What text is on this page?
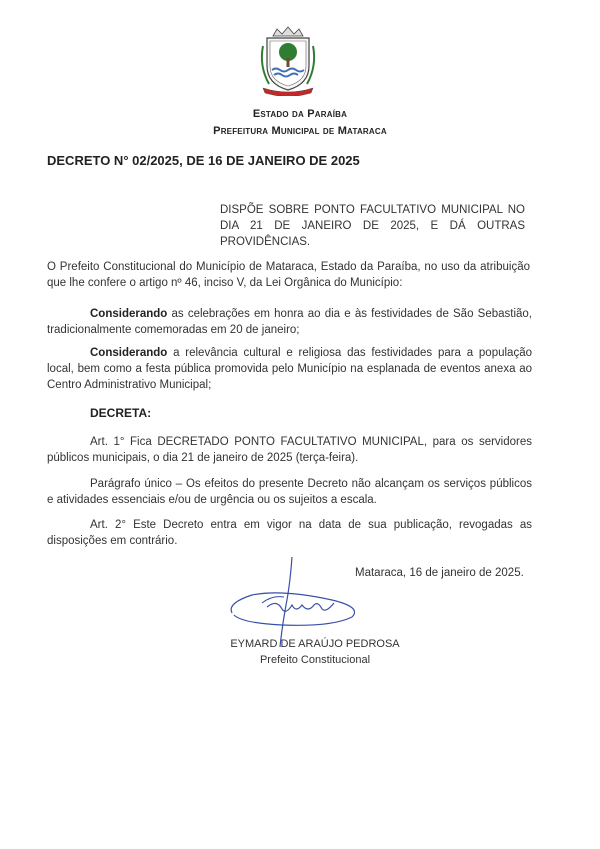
Estado da Paraíba
Prefeitura Municipal de Mataraca
DECRETO N° 02/2025, DE 16 DE JANEIRO DE 2025
DISPÕE SOBRE PONTO FACULTATIVO MUNICIPAL NO DIA 21 DE JANEIRO DE 2025, E DÁ OUTRAS PROVIDÊNCIAS.
O Prefeito Constitucional do Município de Mataraca, Estado da Paraíba, no uso da atribuição que lhe confere o artigo nº 46, inciso V, da Lei Orgânica do Município:
Considerando as celebrações em honra ao dia e às festividades de São Sebastião, tradicionalmente comemoradas em 20 de janeiro;
Considerando a relevância cultural e religiosa das festividades para a população local, bem como a festa pública promovida pelo Município na esplanada de eventos anexa ao Centro Administrativo Municipal;
DECRETA:
Art. 1° Fica DECRETADO PONTO FACULTATIVO MUNICIPAL, para os servidores públicos municipais, o dia 21 de janeiro de 2025 (terça-feira).
Parágrafo único – Os efeitos do presente Decreto não alcançam os serviços públicos e atividades essenciais e/ou de urgência ou os sujeitos a escala.
Art. 2° Este Decreto entra em vigor na data de sua publicação, revogadas as disposições em contrário.
Mataraca, 16 de janeiro de 2025.
EYMARD DE ARAÚJO PEDROSA
Prefeito Constitucional
